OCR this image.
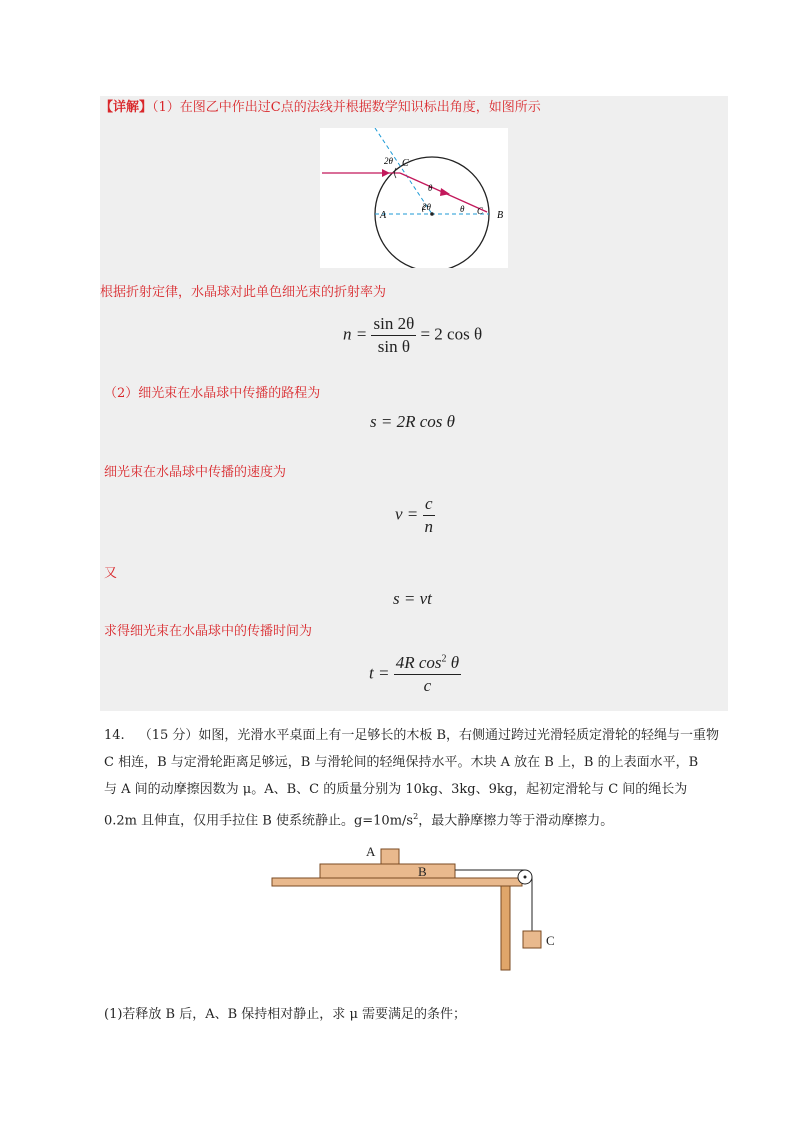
【详解】（1）在图乙中作出过C点的法线并根据数学知识标出角度，如图所示
2θ C
θ
A
2θ	θ C B
根据折射定律，水晶球对此单色细光束的折射率为
$n = \frac{\sin 2\theta}{\text{sin θ}} = 2$ cos θ
（2）细光束在水晶球中传播的路程为
s = 2R cos θ
细光束在水晶球中传播的速度为
$v = \frac{c}{n}$
又
s = vt
求得细光束在水晶球中的传播时间为
$t = \frac{4R \cos^2 \theta}{c}$
14. （15 分）如图，光滑水平桌面上有一足够长的木板 B，右侧通过跨过光滑轻质定滑轮的轻绳与一重物
C 相连，B 与定滑轮距离足够远，B 与滑轮间的轻绳保持水平。木块 A 放在 B 上，B 的上表面水平，B
与 A 间的动摩擦因数为 μ。A、B、C 的质量分别为 10kg、3kg、9kg，起初定滑轮与 C 间的绳长为
0.2m 且伸直，仅用手拉住 B 使系统静止。$g=10m/s^2$，最大静摩擦力等于滑动摩擦力。
A
B
C
(1)若释放 B 后，A、B 保持相对静止，求 μ 需要满足的条件；
